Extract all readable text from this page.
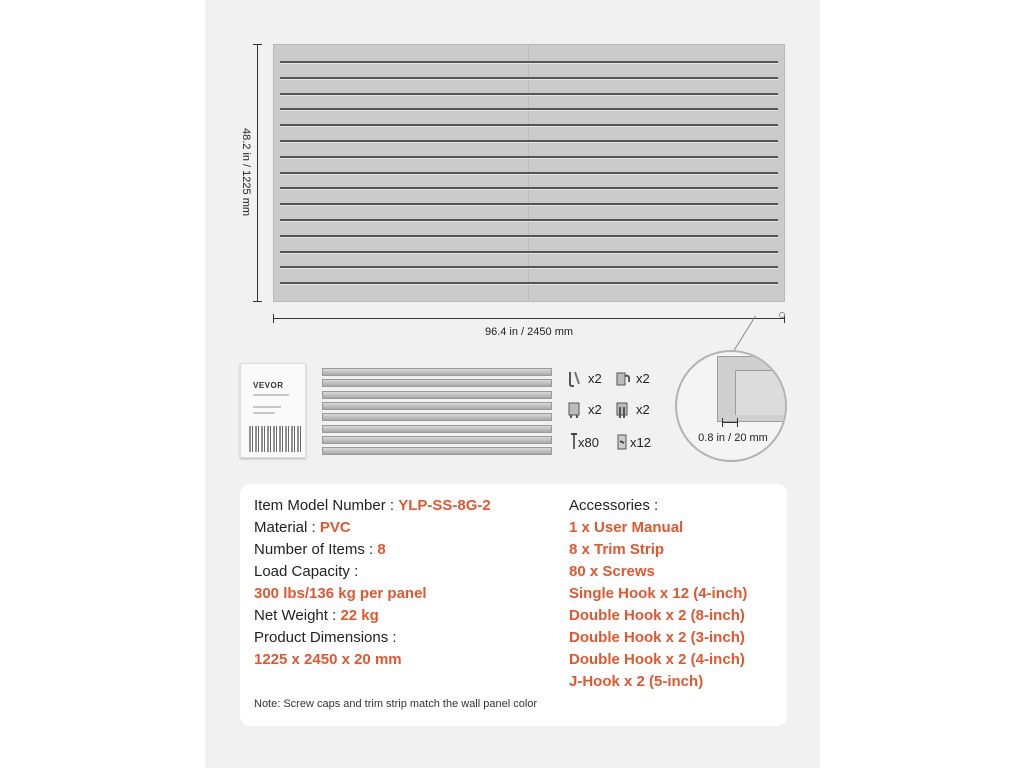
48.2 in / 1225 mm
96.4 in / 2450 mm
VEVOR	x2	x2
x2	x2
x80 x12	0.8 in / 20 mm
Item Model Number : YLP-SS-8G-2
Material : PVC
Number of Items : 8
Load Capacity :
300 lbs/136 kg per panel
Net Weight : 22 kg
Product Dimensions :
1225 x 2450 x 20 mm
Accessories :
1 x User Manual
8 x Trim Strip
80 x Screws
Single Hook x 12 (4-inch)
Double Hook x 2 (8-inch)
Double Hook x 2 (3-inch)
Double Hook x 2 (4-inch)
J-Hook x 2 (5-inch)
Note: Screw caps and trim strip match the wall panel color
